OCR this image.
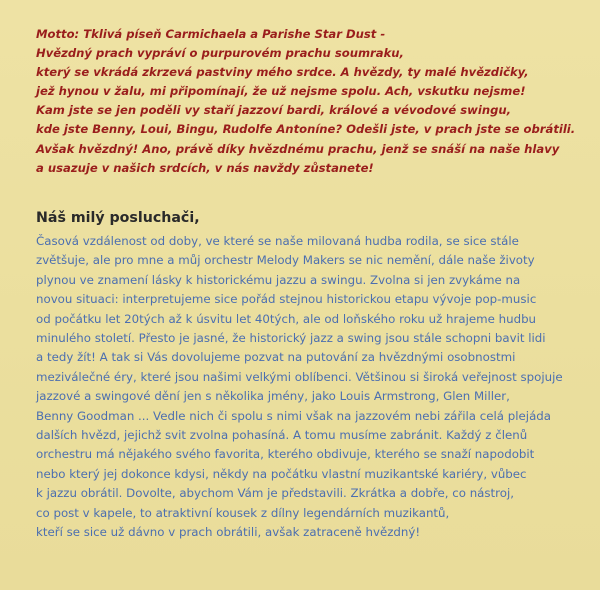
Motto: Tklivá píseň Carmichaela a Parishe Star Dust -
Hvězdný prach vypráví o purpurovém prachu soumraku,
který se vkrádá zkrzevá pastviny mého srdce. A hvězdy, ty malé hvězdičky,
jež hynou v žalu, mi připomínají, že už nejsme spolu. Ach, vskutku nejsme!
Kam jste se jen poděli vy staří jazzoví bardi, králové a vévodové swingu,
kde jste Benny, Loui, Bingu, Rudolfe Antoníne? Odešli jste, v prach jste se obrátili.
Avšak hvězdný! Ano, právě díky hvězdnému prachu, jenž se snáší na naše hlavy
a usazuje v našich srdcích, v nás navždy zůstanete!
Náš milý posluchači,
Časová vzdálenost od doby, ve které se naše milovaná hudba rodila, se sice stále
zvětšuje, ale pro mne a můj orchestr Melody Makers se nic nemění, dále naše životy
plynou ve znamení lásky k historickému jazzu a swingu. Zvolna si jen zvykáme na
novou situaci: interpretujeme sice pořád stejnou historickou etapu vývoje pop-music
od počátku let 20tých až k úsvitu let 40tých, ale od loňského roku už hrajeme hudbu
minulého století. Přesto je jasné, že historický jazz a swing jsou stále schopni bavit lidi
a tedy žít! A tak si Vás dovolujeme pozvat na putování za hvězdnými osobnostmi
meziválečné éry, které jsou našimi velkými oblíbenci. Většinou si široká veřejnost spojuje
jazzové a swingové dění jen s několika jmény, jako Louis Armstrong, Glen Miller,
Benny Goodman ... Vedle nich či spolu s nimi však na jazzovém nebi zářila celá plejáda
dalších hvězd, jejichž svit zvolna pohasíná. A tomu musíme zabránit. Každý z členů
orchestru má nějakého svého favorita, kterého obdivuje, kterého se snaží napodobit
nebo který jej dokonce kdysi, někdy na počátku vlastní muzikantské kariéry, vůbec
k jazzu obrátil. Dovolte, abychom Vám je představili. Zkrátka a dobře, co nástroj,
co post v kapele, to atraktivní kousek z dílny legendárních muzikantů,
kteří se sice už dávno v prach obrátili, avšak zatraceně hvězdný!
